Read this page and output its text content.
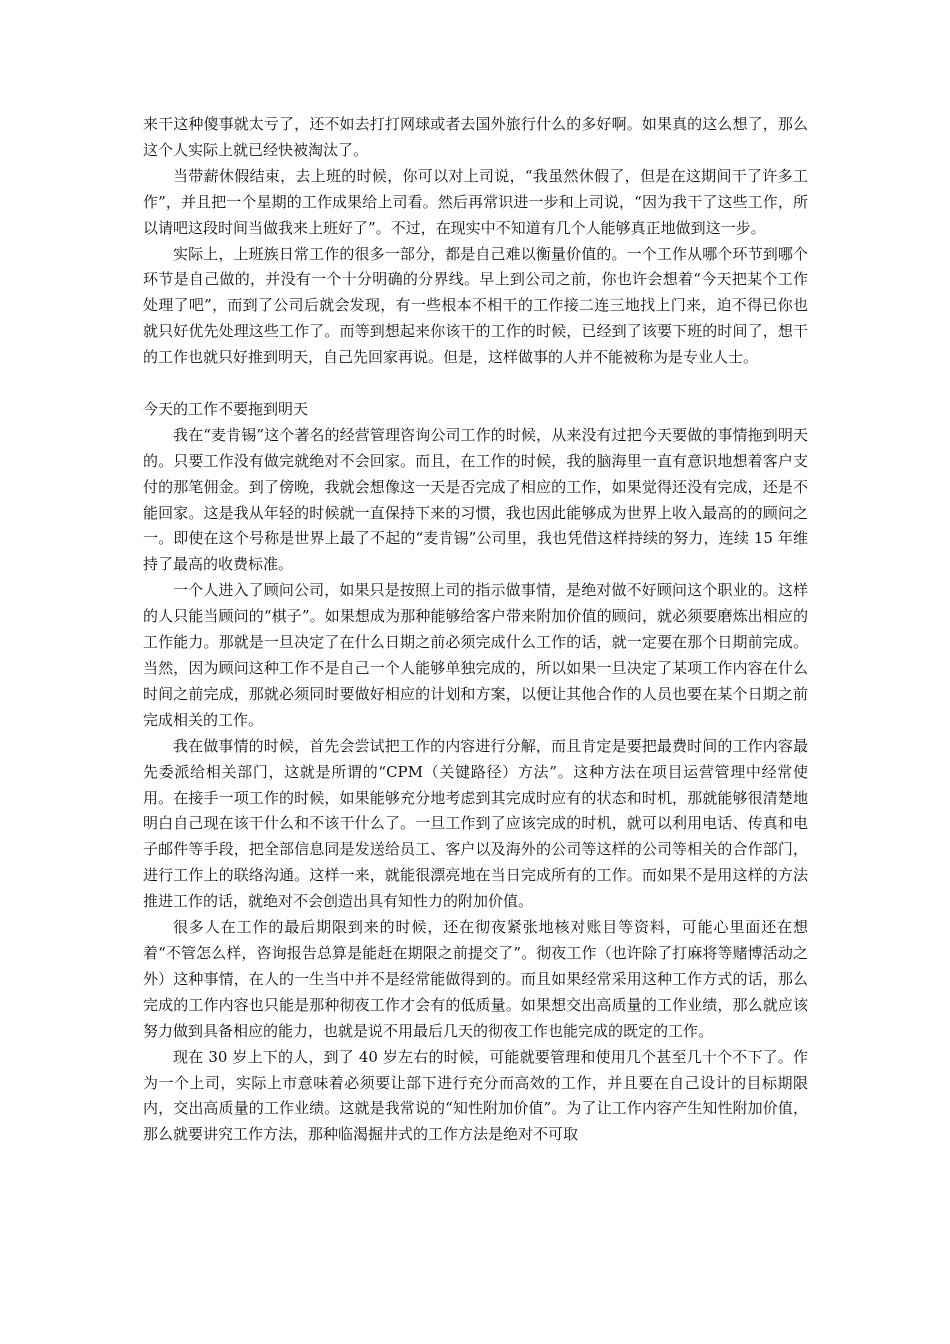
来干这种傻事就太亏了，还不如去打打网球或者去国外旅行什么的多好啊。如果真的这么想了，那么这个人实际上就已经快被淘汰了。

当带薪休假结束，去上班的时候，你可以对上司说，“我虽然休假了，但是在这期间干了许多工作”，并且把一个星期的工作成果给上司看。然后再常识进一步和上司说，“因为我干了这些工作，所以请吧这段时间当做我来上班好了”。不过，在现实中不知道有几个人能够真正地做到这一步。

实际上，上班族日常工作的很多一部分，都是自己难以衡量价值的。一个工作从哪个环节到哪个环节是自己做的，并没有一个十分明确的分界线。早上到公司之前，你也许会想着“今天把某个工作处理了吧”，而到了公司后就会发现，有一些根本不相干的工作接二连三地找上门来，迫不得已你也就只好优先处理这些工作了。而等到想起来你该干的工作的时候，已经到了该要下班的时间了，想干的工作也就只好推到明天，自己先回家再说。但是，这样做事的人并不能被称为是专业人士。

今天的工作不要拖到明天

我在“麦肯锡”这个著名的经营管理咨询公司工作的时候，从来没有过把今天要做的事情拖到明天的。只要工作没有做完就绝对不会回家。而且，在工作的时候，我的脑海里一直有意识地想着客户支付的那笔佣金。到了傍晚，我就会想像这一天是否完成了相应的工作，如果觉得还没有完成，还是不能回家。这是我从年轻的时候就一直保持下来的习惯，我也因此能够成为世界上收入最高的的顾问之一。即使在这个号称是世界上最了不起的“麦肯锡”公司里，我也凭借这样持续的努力，连续 15 年维持了最高的收费标准。

一个人进入了顾问公司，如果只是按照上司的指示做事情，是绝对做不好顾问这个职业的。这样的人只能当顾问的“棋子”。如果想成为那种能够给客户带来附加价值的顾问，就必须要磨炼出相应的工作能力。那就是一旦决定了在什么日期之前必须完成什么工作的话，就一定要在那个日期前完成。当然，因为顾问这种工作不是自己一个人能够单独完成的，所以如果一旦决定了某项工作内容在什么时间之前完成，那就必须同时要做好相应的计划和方案，以便让其他合作的人员也要在某个日期之前完成相关的工作。

我在做事情的时候，首先会尝试把工作的内容进行分解，而且肯定是要把最费时间的工作内容最先委派给相关部门，这就是所谓的“CPM（关键路径）方法”。这种方法在项目运营管理中经常使用。在接手一项工作的时候，如果能够充分地考虑到其完成时应有的状态和时机，那就能够很清楚地明白自己现在该干什么和不该干什么了。一旦工作到了应该完成的时机，就可以利用电话、传真和电子邮件等手段，把全部信息同是发送给员工、客户以及海外的公司等这样的公司等相关的合作部门，进行工作上的联络沟通。这样一来，就能很漂亮地在当日完成所有的工作。而如果不是用这样的方法推进工作的话，就绝对不会创造出具有知性力的附加价值。

很多人在工作的最后期限到来的时候，还在彻夜紧张地核对账目等资料，可能心里面还在想着“不管怎么样，咨询报告总算是能赶在期限之前提交了”。彻夜工作（也许除了打麻将等赌博活动之外）这种事情，在人的一生当中并不是经常能做得到的。而且如果经常采用这种工作方式的话，那么完成的工作内容也只能是那种彻夜工作才会有的低质量。如果想交出高质量的工作业绩，那么就应该努力做到具备相应的能力，也就是说不用最后几天的彻夜工作也能完成的既定的工作。

现在 30 岁上下的人，到了 40 岁左右的时候，可能就要管理和使用几个甚至几十个不下了。作为一个上司，实际上市意味着必须要让部下进行充分而高效的工作，并且要在自己设计的目标期限内，交出高质量的工作业绩。这就是我常说的“知性附加价值”。为了让工作内容产生知性附加价值，那么就要讲究工作方法，那种临渴掘井式的工作方法是绝对不可取
